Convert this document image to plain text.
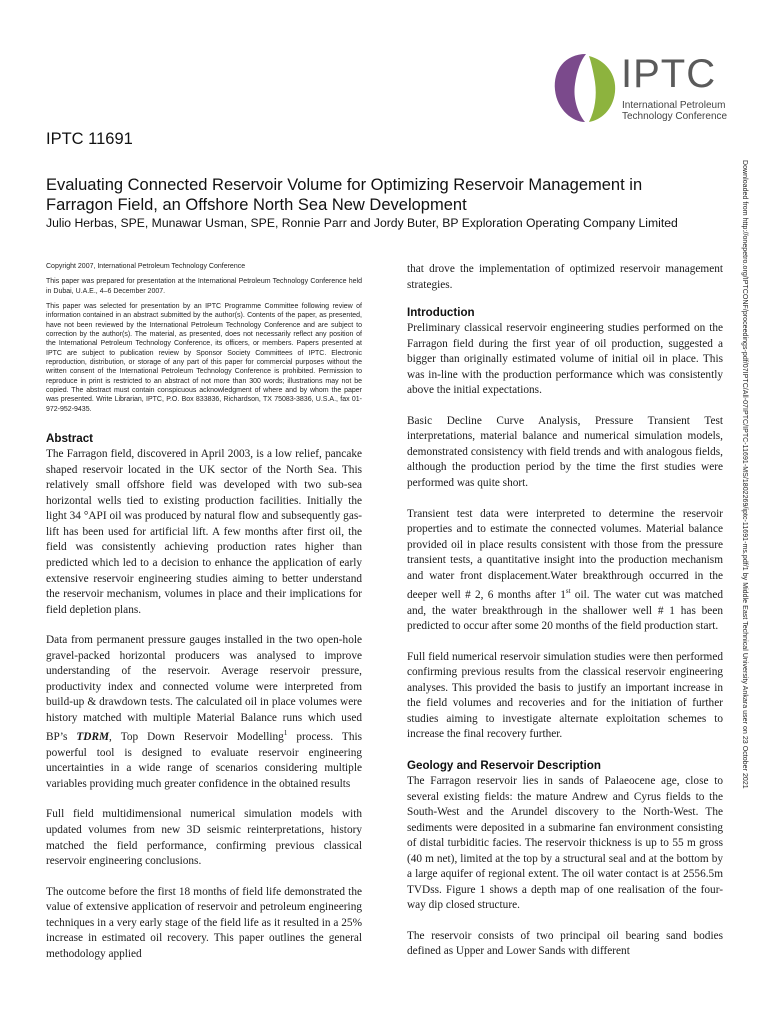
IPTC
International Petroleum
Technology Conference
IPTC 11691
Evaluating Connected Reservoir Volume for Optimizing Reservoir Management in Farragon Field, an Offshore North Sea New Development
Julio Herbas, SPE, Munawar Usman, SPE, Ronnie Parr and Jordy Buter, BP Exploration Operating Company Limited	Downloaded from http://onepetro.org/IPTCONF/proceedings-pdf/07IPTC/All-07IPTC/IPTC-11691-MS/1802269/iptc-11691-ms.pdf/1 by Middle East Technical University Ankara user on 23 October 2021

Copyright 2007, International Petroleum Technology Conference

This paper was prepared for presentation at the International Petroleum Technology Conference held in Dubai, U.A.E., 4–6 December 2007.

This paper was selected for presentation by an IPTC Programme Committee following review of information contained in an abstract submitted by the author(s). Contents of the paper, as presented, have not been reviewed by the International Petroleum Technology Conference and are subject to correction by the author(s). The material, as presented, does not necessarily reflect any position of the International Petroleum Technology Conference, its officers, or members. Papers presented at IPTC are subject to publication review by Sponsor Society Committees of IPTC. Electronic reproduction, distribution, or storage of any part of this paper for commercial purposes without the written consent of the International Petroleum Technology Conference is prohibited. Permission to reproduce in print is restricted to an abstract of not more than 300 words; illustrations may not be copied. The abstract must contain conspicuous acknowledgment of where and by whom the paper was presented. Write Librarian, IPTC, P.O. Box 833836, Richardson, TX 75083-3836, U.S.A., fax 01-972-952-9435.

Abstract

The Farragon field, discovered in April 2003, is a low relief, pancake shaped reservoir located in the UK sector of the North Sea. This relatively small offshore field was developed with two sub-sea horizontal wells tied to existing production facilities. Initially the light 34 °API oil was produced by natural flow and subsequently gas-lift has been used for artificial lift. A few months after first oil, the field was consistently achieving production rates higher than predicted which led to a decision to enhance the application of early extensive reservoir engineering studies aiming to better understand the reservoir mechanism, volumes in place and their implications for field depletion plans.

Data from permanent pressure gauges installed in the two open-hole gravel-packed horizontal producers was analysed to improve understanding of the reservoir. Average reservoir pressure, productivity index and connected volume were interpreted from build-up & drawdown tests. The calculated oil in place volumes were history matched with multiple Material Balance runs which used BP’s TDRM, Top Down Reservoir Modelling$^1$ process. This powerful tool is designed to evaluate reservoir engineering uncertainties in a wide range of scenarios considering multiple variables providing much greater confidence in the obtained results

Full field multidimensional numerical simulation models with updated volumes from new 3D seismic reinterpretations, history matched the field performance, confirming previous classical reservoir engineering conclusions.

The outcome before the first 18 months of field life demonstrated the value of extensive application of reservoir and petroleum engineering techniques in a very early stage of the field life as it resulted in a 25% increase in estimated oil recovery. This paper outlines the general methodology applied

that drove the implementation of optimized reservoir management strategies.

Introduction

Preliminary classical reservoir engineering studies performed on the Farragon field during the first year of oil production, suggested a bigger than originally estimated volume of initial oil in place. This was in-line with the production performance which was consistently above the initial expectations.

Basic Decline Curve Analysis, Pressure Transient Test interpretations, material balance and numerical simulation models, demonstrated consistency with field trends and with analogous fields, although the production period by the time the first studies were performed was quite short.

Transient test data were interpreted to determine the reservoir properties and to estimate the connected volumes. Material balance provided oil in place results consistent with those from the pressure transient tests, a quantitative insight into the production mechanism and water front displacement.Water breakthrough occurred in the deeper well # 2, 6 months after 1st oil. The water cut was matched and, the water breakthrough in the shallower well # 1 has been predicted to occur after some 20 months of the field production start.

Full field numerical reservoir simulation studies were then performed confirming previous results from the classical reservoir engineering analyses. This provided the basis to justify an important increase in the field volumes and recoveries and for the initiation of further studies aiming to investigate alternate exploitation schemes to increase the final recovery further.

Geology and Reservoir Description

The Farragon reservoir lies in sands of Palaeocene age, close to several existing fields: the mature Andrew and Cyrus fields to the South-West and the Arundel discovery to the North-West. The sediments were deposited in a submarine fan environment consisting of distal turbiditic facies. The reservoir thickness is up to 55 m gross (40 m net), limited at the top by a structural seal and at the bottom by a large aquifer of regional extent. The oil water contact is at 2556.5m TVDss. Figure 1 shows a depth map of one realisation of the four-way dip closed structure.

The reservoir consists of two principal oil bearing sand bodies defined as Upper and Lower Sands with different
